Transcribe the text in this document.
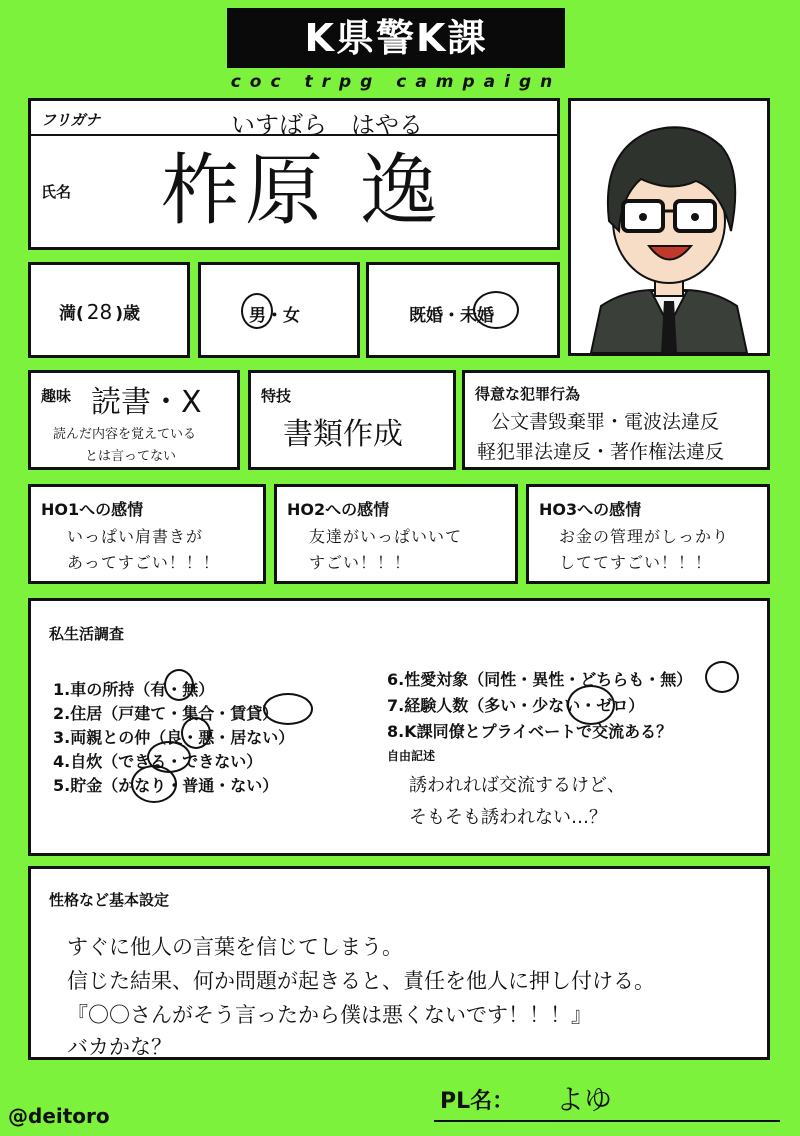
K県警K課
coc trpg campaign
フリガナ	いすばら　はやる
氏名 柞原 逸
満( 28 )歳	男・女	既婚・未婚
趣味 読書・X
読んだ内容を覚えている
とは言ってない
特技
書類作成
得意な犯罪行為
公文書毀棄罪・電波法違反
軽犯罪法違反・著作権法違反
HO1への感情
いっぱい肩書きが
あってすごい！！！
HO2への感情
友達がいっぱいいて
すごい！！！
HO3への感情
お金の管理がしっかり
しててすごい！！！
私生活調査
1.車の所持（有・無）
2.住居（戸建て・集合・賃貸）
3.両親との仲（良・悪・居ない）
4.自炊（できる・できない）
5.貯金（かなり・普通・ない）
6.性愛対象（同性・異性・どちらも・無）
7.経験人数（多い・少ない・ゼロ）
8.K課同僚とプライベートで交流ある？
自由記述
誘われれば交流するけど、
そもそも誘われない…？
性格など基本設定
すぐに他人の言葉を信じてしまう。
信じた結果、何か問題が起きると、責任を他人に押し付ける。
『〇〇さんがそう言ったから僕は悪くないです！！！』
バカかな？
@deitoro
PL名： よゆ
